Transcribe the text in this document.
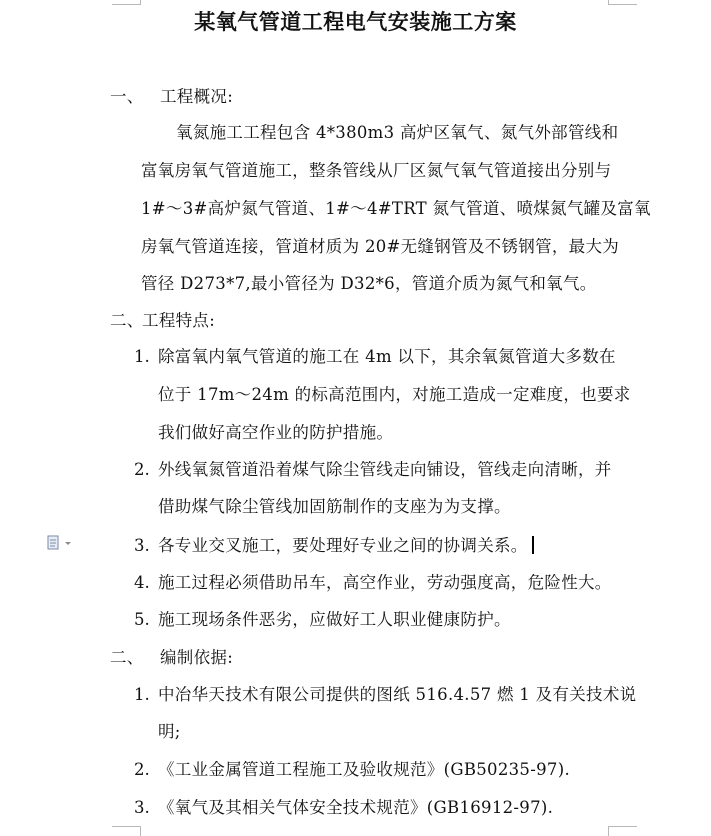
某氧气管道工程电气安装施工方案
一、 工程概况:
氧氮施工工程包含 4*380m3 高炉区氧气、氮气外部管线和
富氧房氧气管道施工，整条管线从厂区氮气氧气管道接出分别与
1#～3#高炉氮气管道、1#～4#TRT 氮气管道、喷煤氮气罐及富氧
房氧气管道连接，管道材质为 20#无缝钢管及不锈钢管，最大为
管径 D273*7,最小管径为 D32*6，管道介质为氮气和氧气。
二、
工程特点:
1. 除富氧内氧气管道的施工在 4m 以下，其余氧氮管道大多数在
位于 17m～24m 的标高范围内，对施工造成一定难度，也要求
我们做好高空作业的防护措施。
2. 外线氧氮管道沿着煤气除尘管线走向铺设，管线走向清晰，并
借助煤气除尘管线加固筋制作的支座为为支撑。
3. 各专业交叉施工，要处理好专业之间的协调关系。
4. 施工过程必须借助吊车，高空作业，劳动强度高，危险性大。
5. 施工现场条件恶劣，应做好工人职业健康防护。
二、 编制依据:
1. 中冶华天技术有限公司提供的图纸 516.4.57 燃 1 及有关技术说
明;
2. 《工业金属管道工程施工及验收规范》(GB50235-97).
3. 《氧气及其相关气体安全技术规范》(GB16912-97).
